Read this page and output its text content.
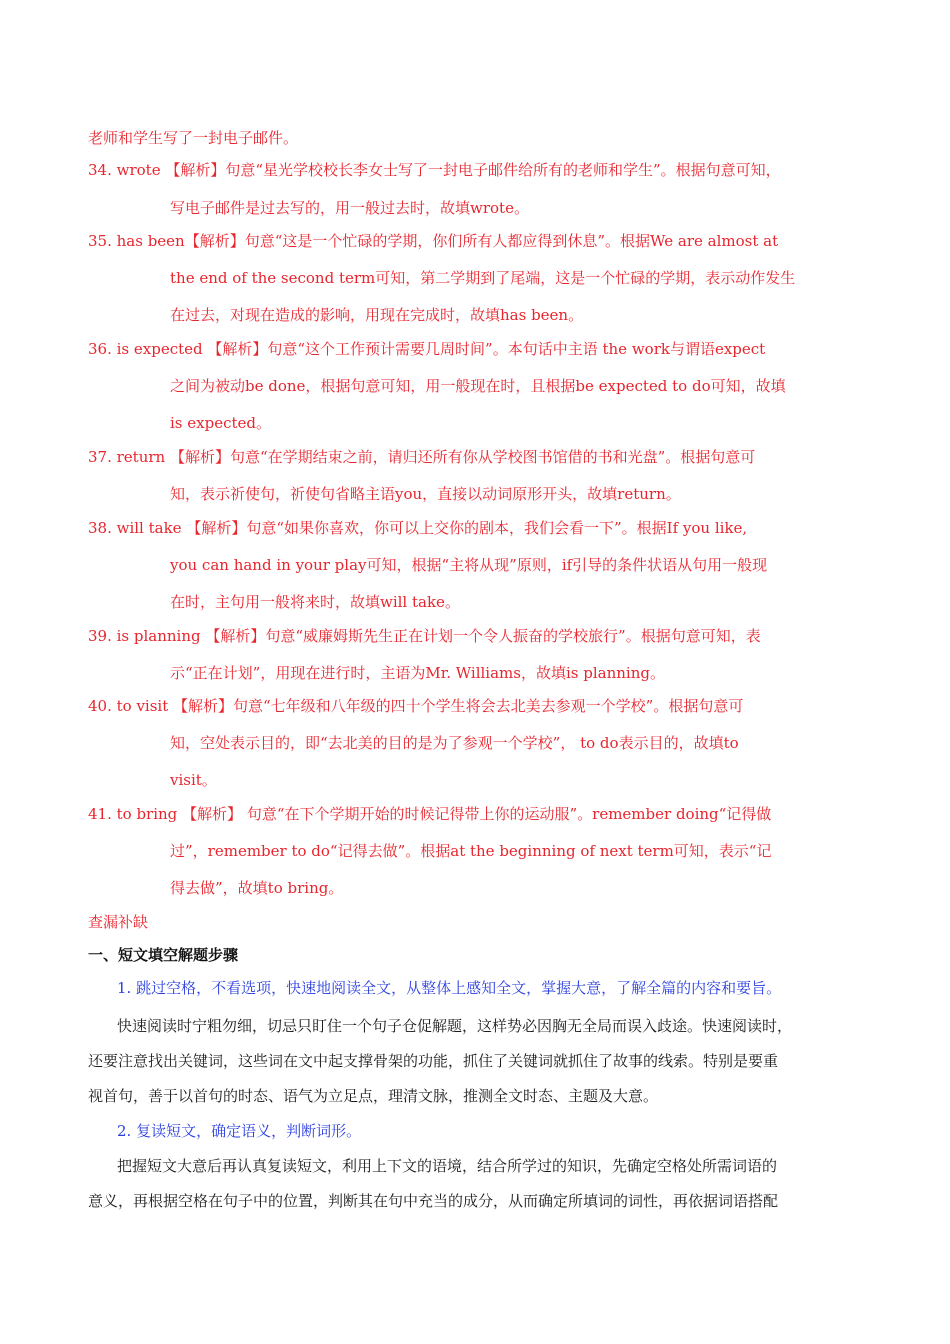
老师和学生写了一封电子邮件。
34. wrote 【解析】句意“星光学校校长李女士写了一封电子邮件给所有的老师和学生”。根据句意可知，
写电子邮件是过去写的，用一般过去时，故填wrote。
35. has been【解析】句意“这是一个忙碌的学期，你们所有人都应得到休息”。根据We are almost at
the end of the second term可知，第二学期到了尾端，这是一个忙碌的学期，表示动作发生
在过去，对现在造成的影响，用现在完成时，故填has been。
36. is expected 【解析】句意“这个工作预计需要几周时间”。本句话中主语 the work与谓语expect
之间为被动be done，根据句意可知，用一般现在时，且根据be expected to do可知，故填
is expected。
37. return 【解析】句意“在学期结束之前，请归还所有你从学校图书馆借的书和光盘”。根据句意可
知，表示祈使句，祈使句省略主语you，直接以动词原形开头，故填return。
38. will take 【解析】句意“如果你喜欢，你可以上交你的剧本，我们会看一下”。根据If you like,
you can hand in your play可知，根据“主将从现”原则，if引导的条件状语从句用一般现
在时，主句用一般将来时，故填will take。
39. is planning 【解析】句意“威廉姆斯先生正在计划一个令人振奋的学校旅行”。根据句意可知，表
示“正在计划”，用现在进行时，主语为Mr. Williams，故填is planning。
40. to visit 【解析】句意“七年级和八年级的四十个学生将会去北美去参观一个学校”。根据句意可
知，空处表示目的，即“去北美的目的是为了参观一个学校”， to do表示目的，故填to
visit。
41. to bring 【解析】 句意“在下个学期开始的时候记得带上你的运动服”。remember doing“记得做
过”，remember to do“记得去做”。根据at the beginning of next term可知，表示“记
得去做”，故填to bring。
查漏补缺
一、短文填空解题步骤
1. 跳过空格，不看选项，快速地阅读全文，从整体上感知全文，掌握大意，了解全篇的内容和要旨。
快速阅读时宁粗勿细，切忌只盯住一个句子仓促解题，这样势必因胸无全局而误入歧途。快速阅读时，
还要注意找出关键词，这些词在文中起支撑骨架的功能，抓住了关键词就抓住了故事的线索。特别是要重
视首句，善于以首句的时态、语气为立足点，理清文脉，推测全文时态、主题及大意。
2. 复读短文，确定语义，判断词形。
把握短文大意后再认真复读短文，利用上下文的语境，结合所学过的知识，先确定空格处所需词语的
意义，再根据空格在句子中的位置，判断其在句中充当的成分，从而确定所填词的词性，再依据词语搭配
